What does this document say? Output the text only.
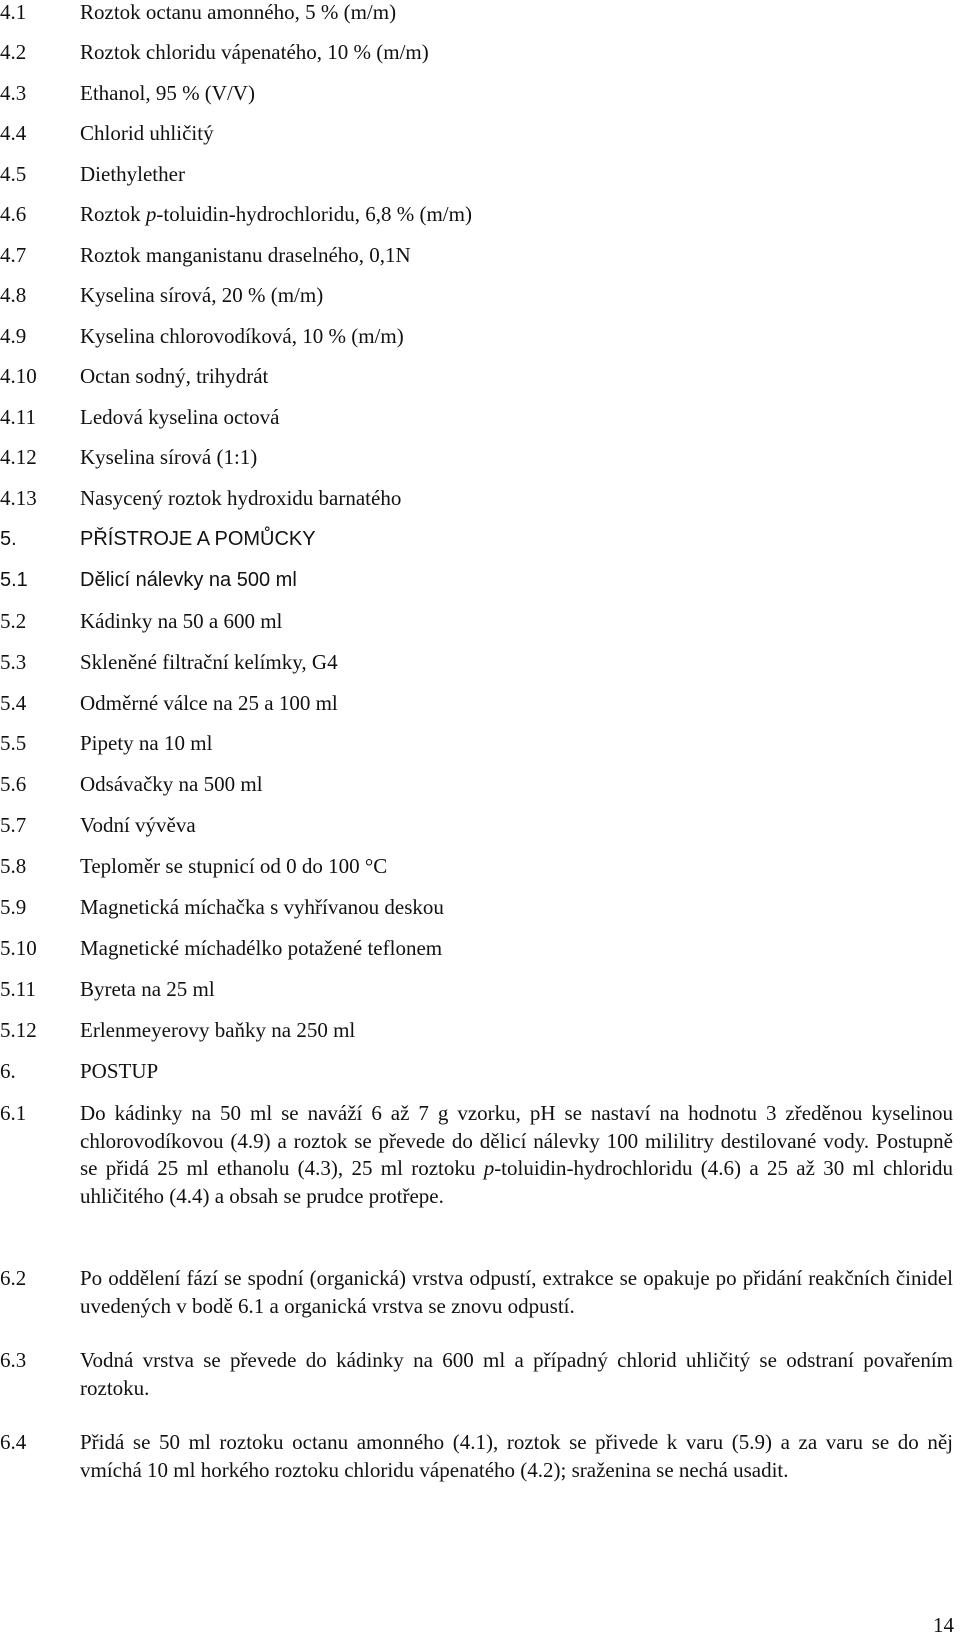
4.1	Roztok octanu amonného, 5 % (m/m)
4.2	Roztok chloridu vápenatého, 10 % (m/m)
4.3	Ethanol, 95 % (V/V)
4.4	Chlorid uhličitý
4.5	Diethylether
4.6	Roztok p-toluidin-hydrochloridu, 6,8 % (m/m)
4.7	Roztok manganistanu draselného, 0,1N
4.8	Kyselina sírová, 20 % (m/m)
4.9	Kyselina chlorovodíková, 10 % (m/m)
4.10 Octan sodný, trihydrát
4.11 Ledová kyselina octová
4.12 Kyselina sírová (1:1)
4.13 Nasycený roztok hydroxidu barnatého
5.	PŘÍSTROJE A POMŮCKY
5.1	Dělicí nálevky na 500 ml
5.2	Kádinky na 50 a 600 ml
5.3	Skleněné filtrační kelímky, G4
5.4	Odměrné válce na 25 a 100 ml
5.5	Pipety na 10 ml
5.6	Odsávačky na 500 ml
5.7	Vodní vývěva
5.8	Teploměr se stupnicí od 0 do 100 °C
5.9	Magnetická míchačka s vyhřívanou deskou
5.10 Magnetické míchadélko potažené teflonem
5.11 Byreta na 25 ml
5.12 Erlenmeyerovy baňky na 250 ml
6.	POSTUP
6.1	Do kádinky na 50 ml se naváží 6 až 7 g vzorku, pH se nastaví na hodnotu 3 zředěnou kyselinou chlorovodíkovou (4.9) a roztok se převede do dělicí nálevky 100 mililitry destilované vody. Postupně se přidá 25 ml ethanolu (4.3), 25 ml roztoku p-toluidin-hydrochloridu (4.6) a 25 až 30 ml chloridu uhličitého (4.4) a obsah se prudce protřepe.
6.2	Po oddělení fází se spodní (organická) vrstva odpustí, extrakce se opakuje po přidání reakčních činidel uvedených v bodě 6.1 a organická vrstva se znovu odpustí.
6.3	Vodná vrstva se převede do kádinky na 600 ml a případný chlorid uhličitý se odstraní povařením roztoku.
6.4	Přidá se 50 ml roztoku octanu amonného (4.1), roztok se přivede k varu (5.9) a za varu se do něj vmíchá 10 ml horkého roztoku chloridu vápenatého (4.2); sraženina se nechá usadit.
14
